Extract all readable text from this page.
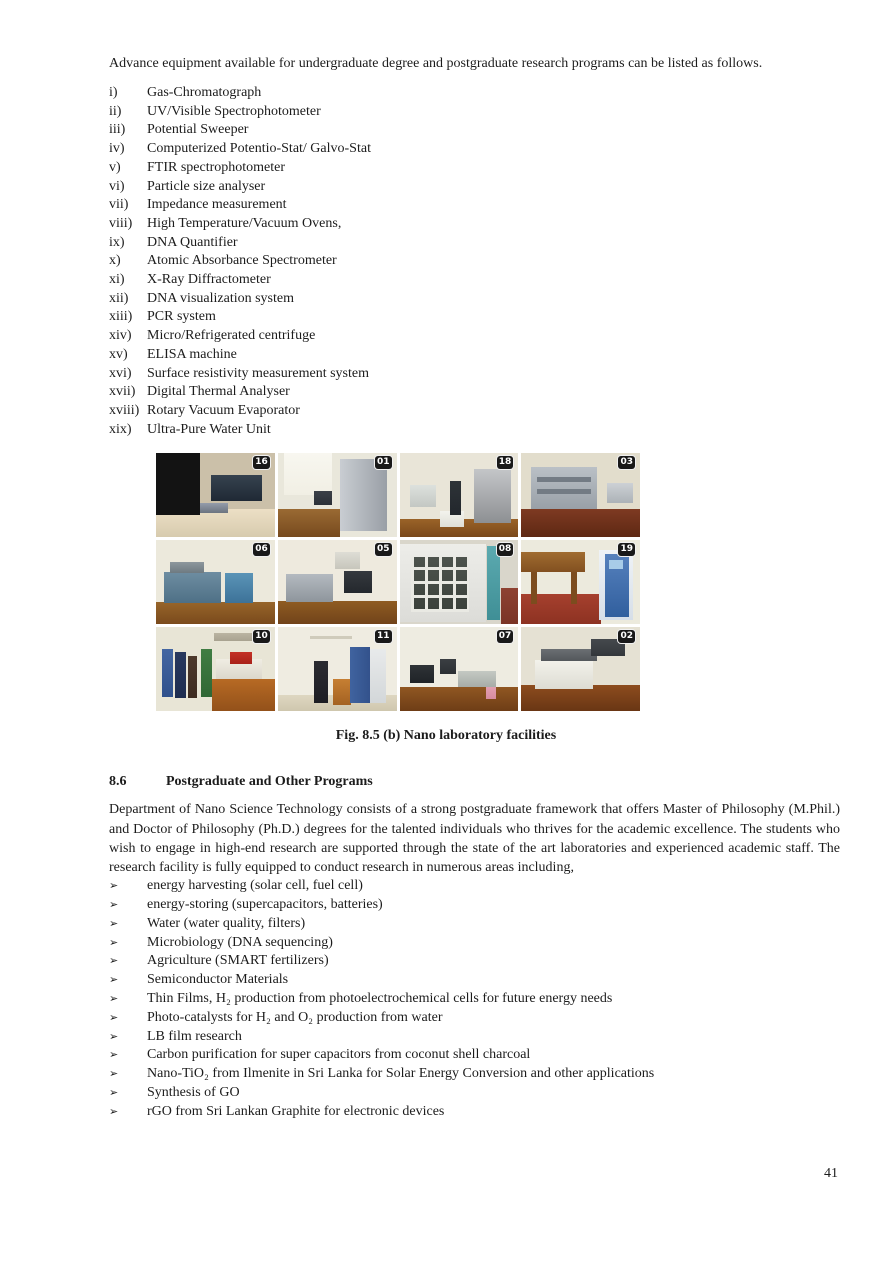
Advance equipment available for undergraduate degree and postgraduate research programs can be listed as follows.

i)	Gas-Chromatograph
ii)	UV/Visible Spectrophotometer
iii)	Potential Sweeper
iv)	Computerized Potentio-Stat/ Galvo-Stat
v)	FTIR spectrophotometer
vi)	Particle size analyser
vii)	Impedance measurement
viii)	High Temperature/Vacuum Ovens,
ix)	DNA Quantifier
x)	Atomic Absorbance Spectrometer
xi)	X-Ray Diffractometer
xii)	DNA visualization system
xiii)	PCR system
xiv)	Micro/Refrigerated centrifuge
xv)	ELISA machine
xvi)	Surface resistivity measurement system
xvii) Digital Thermal Analyser
xviii) Rotary Vacuum Evaporator
xix)	Ultra-Pure Water Unit
16	01	18	03
06	05	08	19
10	11	07	02
Fig. 8.5 (b) Nano laboratory facilities
8.6	Postgraduate and Other Programs

Department of Nano Science Technology consists of a strong postgraduate framework that offers Master of Philosophy (M.Phil.) and Doctor of Philosophy (Ph.D.) degrees for the talented individuals who thrives for the academic excellence. The students who wish to engage in high-end research are supported through the state of the art laboratories and experienced academic staff. The research facility is fully equipped to conduct research in numerous areas including,

➢	energy harvesting (solar cell, fuel cell)
➢	energy-storing (supercapacitors, batteries)
➢	Water (water quality, filters)
➢	Microbiology (DNA sequencing)
➢	Agriculture (SMART fertilizers)
➢	Semiconductor Materials
➢	Thin Films, H₂ production from photoelectrochemical cells for future energy needs
➢	Photo-catalysts for H₂ and O₂ production from water
➢	LB film research
➢	Carbon purification for super capacitors from coconut shell charcoal
➢	Nano-TiO₂ from Ilmenite in Sri Lanka for Solar Energy Conversion and other applications
➢	Synthesis of GO
➢	rGO from Sri Lankan Graphite for electronic devices
41
